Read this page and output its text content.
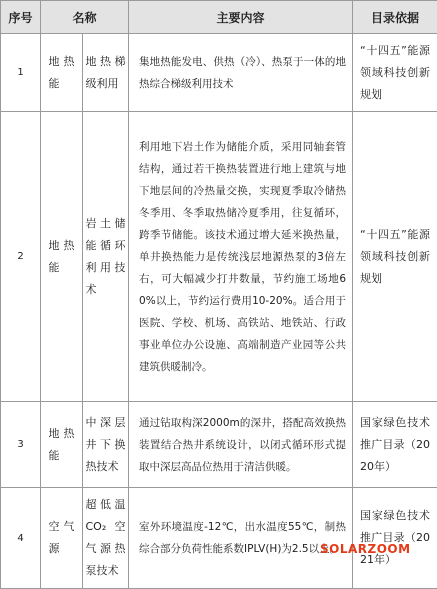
序号	名称		主要内容	目录依据
1	地热能	地热梯级利用	集地热能发电、供热（冷）、热泵于一体的地热综合梯级利用技术	“十四五”能源领域科技创新规划
2	地热能	岩土储能循环利用技术	利用地下岩土作为储能介质，采用同轴套管结构，通过若干换热装置进行地上建筑与地下地层间的冷热量交换，实现夏季取冷储热冬季用、冬季取热储冷夏季用，往复循环，跨季节储能。该技术通过增大延米换热量，单井换热能力是传统浅层地源热泵的3倍左右，可大幅减少打井数量，节约施工场地60%以上，节约运行费用10-20%。适合用于医院、学校、机场、高铁站、地铁站、行政事业单位办公设施、高端制造产业园等公共建筑供暖制冷。	“十四五”能源领域科技创新规划
3	地热能	中深层井下换热技术	通过钻取构深2000m的深井，搭配高效换热装置结合热井系统设计，以闭式循环形式提取中深层高品位热用于清洁供暖。	国家绿色技术推广目录（2020年）
4	空气源	超低温CO₂空气源热泵技术	室外环境温度-12℃，出水温度55℃，制热综合部分负荷性能系数IPLV(H)为2.5以上。	国家绿色技术推广目录（2021年）
SOLARZOOM
